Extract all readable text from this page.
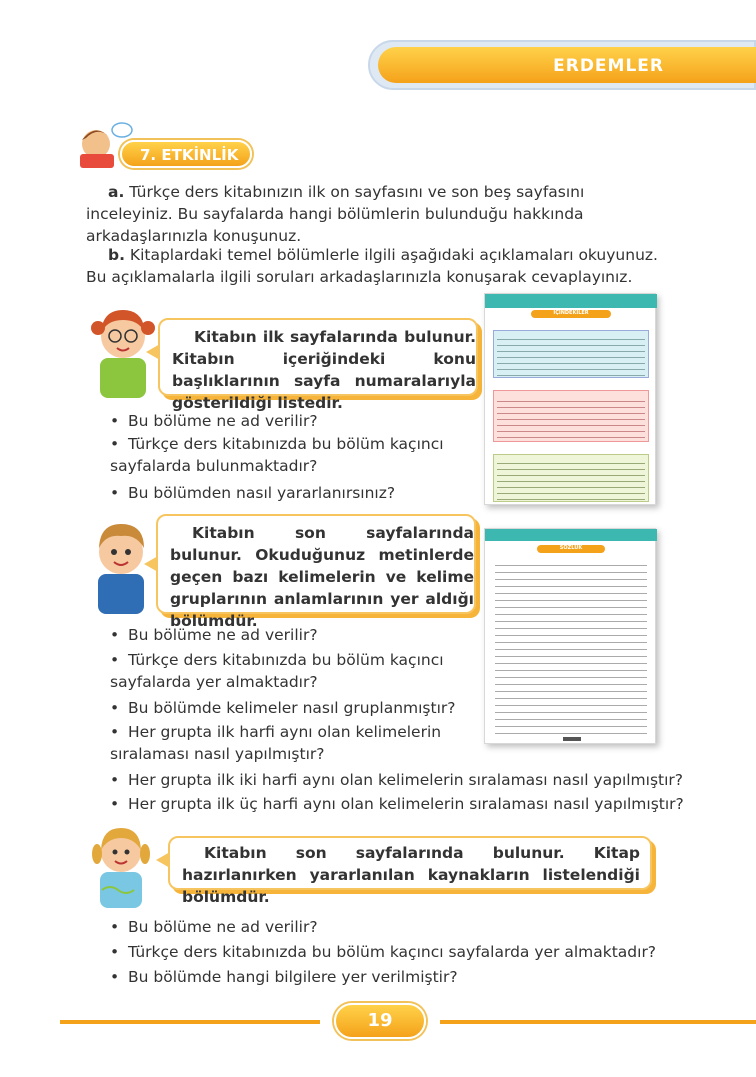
ERDEMLER
7. ETKİNLİK

a. Türkçe ders kitabınızın ilk on sayfasını ve son beş sayfasını inceleyiniz. Bu sayfalarda hangi bölümlerin bulunduğu hakkında arkadaşlarınızla konuşunuz.

b. Kitaplardaki temel bölümlerle ilgili aşağıdaki açıklamaları okuyunuz. Bu açıklamalarla ilgili soruları arkadaşlarınızla konuşarak cevaplayınız.

Kitabın ilk sayfalarında bulunur. Kitabın içeriğindeki konu başlıklarının sayfa numaralarıyla gösterildiği listedir.
İÇİNDEKİLER
• Bu bölüme ne ad verilir?
• Türkçe ders kitabınızda bu bölüm kaçıncı sayfalarda bulunmaktadır?
• Bu bölümden nasıl yararlanırsınız?
Kitabın son sayfalarında bulunur. Okuduğunuz metinlerde geçen bazı kelimelerin ve kelime gruplarının anlamlarının yer aldığı bölümdür.
SÖZLÜK
• Bu bölüme ne ad verilir?
• Türkçe ders kitabınızda bu bölüm kaçıncı sayfalarda yer almaktadır?
• Bu bölümde kelimeler nasıl gruplanmıştır?
• Her grupta ilk harfi aynı olan kelimelerin sıralaması nasıl yapılmıştır?
• Her grupta ilk iki harfi aynı olan kelimelerin sıralaması nasıl yapılmıştır?
• Her grupta ilk üç harfi aynı olan kelimelerin sıralaması nasıl yapılmıştır?
Kitabın son sayfalarında bulunur. Kitap hazırlanırken yararlanılan kaynakların listelendiği bölümdür.
• Bu bölüme ne ad verilir?
• Türkçe ders kitabınızda bu bölüm kaçıncı sayfalarda yer almaktadır?
• Bu bölümde hangi bilgilere yer verilmiştir?
19
